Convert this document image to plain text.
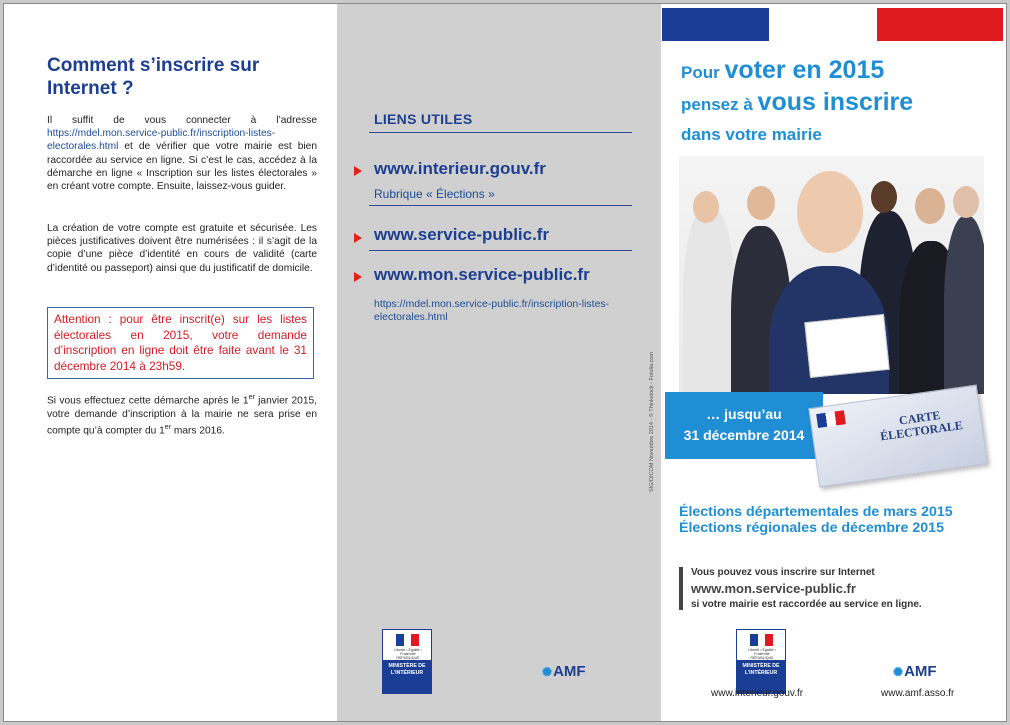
Comment s’inscrire sur Internet ?

Il suffit de vous connecter à l’adresse https://mdel.mon.service-public.fr/inscription-listes-electorales.html et de vérifier que votre mairie est bien raccordée au service en ligne. Si c’est le cas, accédez à la démarche en ligne « Inscription sur les listes électorales » en créant votre compte. Ensuite, laissez-vous guider.

La création de votre compte est gratuite et sécurisée. Les pièces justificatives doivent être numérisées : il s’agit de la copie d’une pièce d’identité en cours de validité (carte d’identité ou passeport) ainsi que du justificatif de domicile.

Attention : pour être inscrit(e) sur les listes électorales en 2015, votre demande d’inscription en ligne doit être faite avant le 31 décembre 2014 à 23h59.

Si vous effectuez cette démarche après le 1er janvier 2015, votre demande d’inscription à la mairie ne sera prise en compte qu’à compter du 1er mars 2016.

LIENS UTILES
www.interieur.gouv.fr
Rubrique « Élections »
www.service-public.fr
www.mon.service-public.fr
https://mdel.mon.service-public.fr/inscription-listes-electorales.html
SIG/DICOM Novembre 2014 - © Thinkstock - Fotolia.com
Liberté • Égalité • Fraternité RÉPUBLIQUE
MINISTÈRE DE L’INTÉRIEUR	✺AMF
Pour voter en 2015
pensez à vous inscrire
dans votre mairie
… jusqu’au
31 décembre 2014
CARTE ÉLECTORALE
Élections départementales de mars 2015
Élections régionales de décembre 2015
Vous pouvez vous inscrire sur Internet
www.mon.service-public.fr
si votre mairie est raccordée au service en ligne.
Liberté • Égalité • Fraternité RÉPUBLIQUE
MINISTÈRE DE L’INTÉRIEUR
www.interieur.gouv.fr
✺AMF
www.amf.asso.fr
